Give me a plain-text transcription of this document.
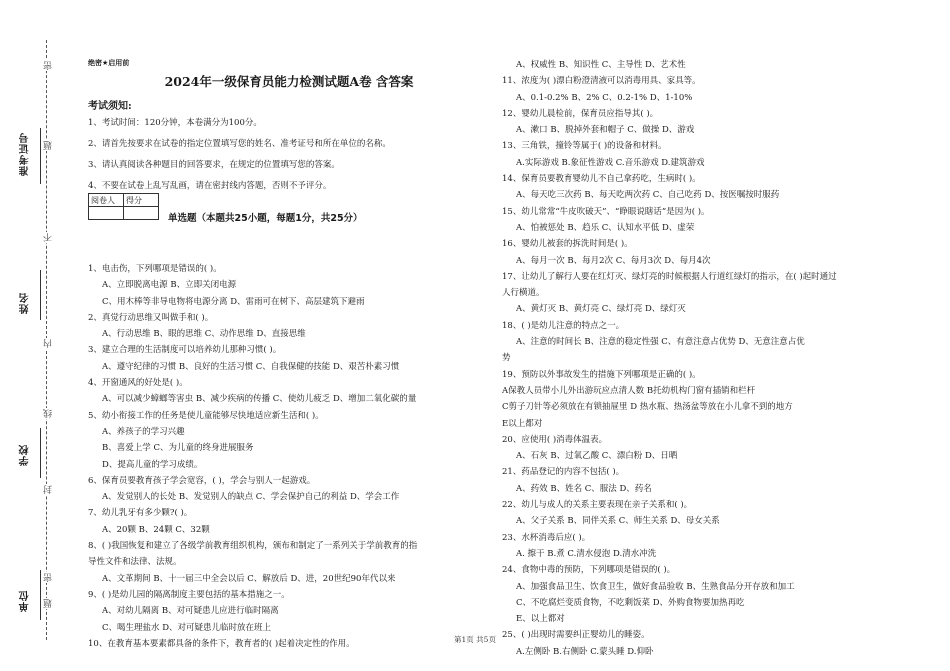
准考证号
姓名
学校
单位
密
题
不
内
线
封
密
题
绝密★启用前
2024年一级保育员能力检测试题A卷 含答案
考试须知:
1、考试时间：120分钟，本卷满分为100分。
2、请首先按要求在试卷的指定位置填写您的姓名、准考证号和所在单位的名称。
3、请认真阅读各种题目的回答要求，在规定的位置填写您的答案。
4、不要在试卷上乱写乱画，请在密封线内答题，否则不予评分。
阅卷人	得分

单选题（本题共25小题，每题1分，共25分）
1、电击伤，下列哪项是错误的( )。
A、立即脱离电源 B、立即关闭电源
C、用木棒等非导电物将电源分离 D、雷雨可在树下、高层建筑下避雨
2、真觉行动思维又叫做手和( )。
A、行动思维 B、眼的思维 C、动作思维 D、直接思维
3、建立合理的生活制度可以培养幼儿那种习惯( )。
A、遵守纪律的习惯 B、良好的生活习惯 C、自我保健的技能 D、艰苦朴素习惯
4、开窗通风的好处是( )。
A、可以减少蟑螂等害虫 B、减少疾病的传播 C、使幼儿疲乏 D、增加二氧化碳的量
5、幼小衔接工作的任务是使儿童能够尽快地适应新生活和( )。
A、养孩子的学习兴趣
B、喜爱上学 C、为儿童的终身进展服务
D、提高儿童的学习成绩。
6、保育员要教育孩子学会宽容，( )，学会与别人一起游戏。
A、发觉别人的长处 B、发觉别人的缺点 C、学会保护自己的利益 D、学会工作
7、幼儿乳牙有多少颗?( )。
A、20颗 B、24颗 C、32颗
8、( )我国恢复和建立了各级学前教育组织机构，颁布和制定了一系列关于学前教育的指
导性文件和法律、法规。
A、文革期间 B、十一届三中全会以后 C、解放后 D、进，20世纪90年代以来
9、( )是幼儿园的隔离制度主要包括的基本措施之一。
A、对幼儿隔离 B、对可疑患儿应进行临时隔离
C、喝生理盐水 D、对可疑患儿临时放在班上
10、在教育基本要素都具备的条件下，教育者的( )起着决定性的作用。
A、权威性 B、知识性 C、主导性 D、艺术性
11、浓度为( )漂白粉澄清液可以消毒用具、家具等。
A、0.1-0.2% B、2% C、0.2-1% D、1-10%
12、婴幼儿晨检前，保育员应指导其( )。
A、漱口 B、脱掉外套和帽子 C、做操 D、游戏
13、三角铁，撞铃等属于( )的设备和材料。
A.实际游戏 B.象征性游戏 C.音乐游戏 D.建筑游戏
14、保育员要教育婴幼儿不自己拿药吃，生病时( )。
A、每天吃三次药 B、每天吃两次药 C、自己吃药 D、按医嘱按时服药
15、幼儿常常“牛皮吹破天”、“睁眼说瞎话”是因为( )。
A、怕被惩处 B、趋乐 C、认知水平低 D、虚荣
16、婴幼儿被套的拆洗时间是( )。
A、每月一次 B、每月2次 C、每月3次 D、每月4次
17、让幼儿了解行人要在红灯灭、绿灯亮的时候根据人行道红绿灯的指示，在( )起时通过
人行横道。
A、黄灯灭 B、黄灯亮 C、绿灯亮 D、绿灯灭
18、( )是幼儿注意的特点之一。
A、注意的时间长 B、注意的稳定性强 C、有意注意占优势 D、无意注意占优
势
19、预防以外事故发生的措施下列哪项是正确的( )。
A保教人员带小儿外出游玩应点清人数 B托幼机构门窗有插销和栏杆
C剪子刀针等必须放在有锁抽屉里 D 热水瓶、热汤盆等放在小儿拿不到的地方
E以上都对
20、应使用( )消毒体温表。
A、石灰 B、过氧乙酸 C、漂白粉 D、日晒
21、药品登记的内容不包括( )。
A、药效 B、姓名 C、服法 D、药名
22、幼儿与成人的关系主要表现在亲子关系和( )。
A、父子关系 B、同伴关系 C、师生关系 D、母女关系
23、水杯消毒后应( )。
A. 擦干 B.煮 C.清水侵泡 D.清水冲洗
24、食物中毒的预防，下列哪项是错误的( )。
A、加强食品卫生、饮食卫生，做好食品验收 B、生熟食品分开存放和加工
C、不吃腐烂变质食物，不吃剩饭菜 D、外购食物要加热再吃
E、以上都对
25、( )出现时需要纠正婴幼儿的睡姿。
A.左侧卧 B.右侧卧 C.蒙头睡 D.仰卧
第1页 共5页
